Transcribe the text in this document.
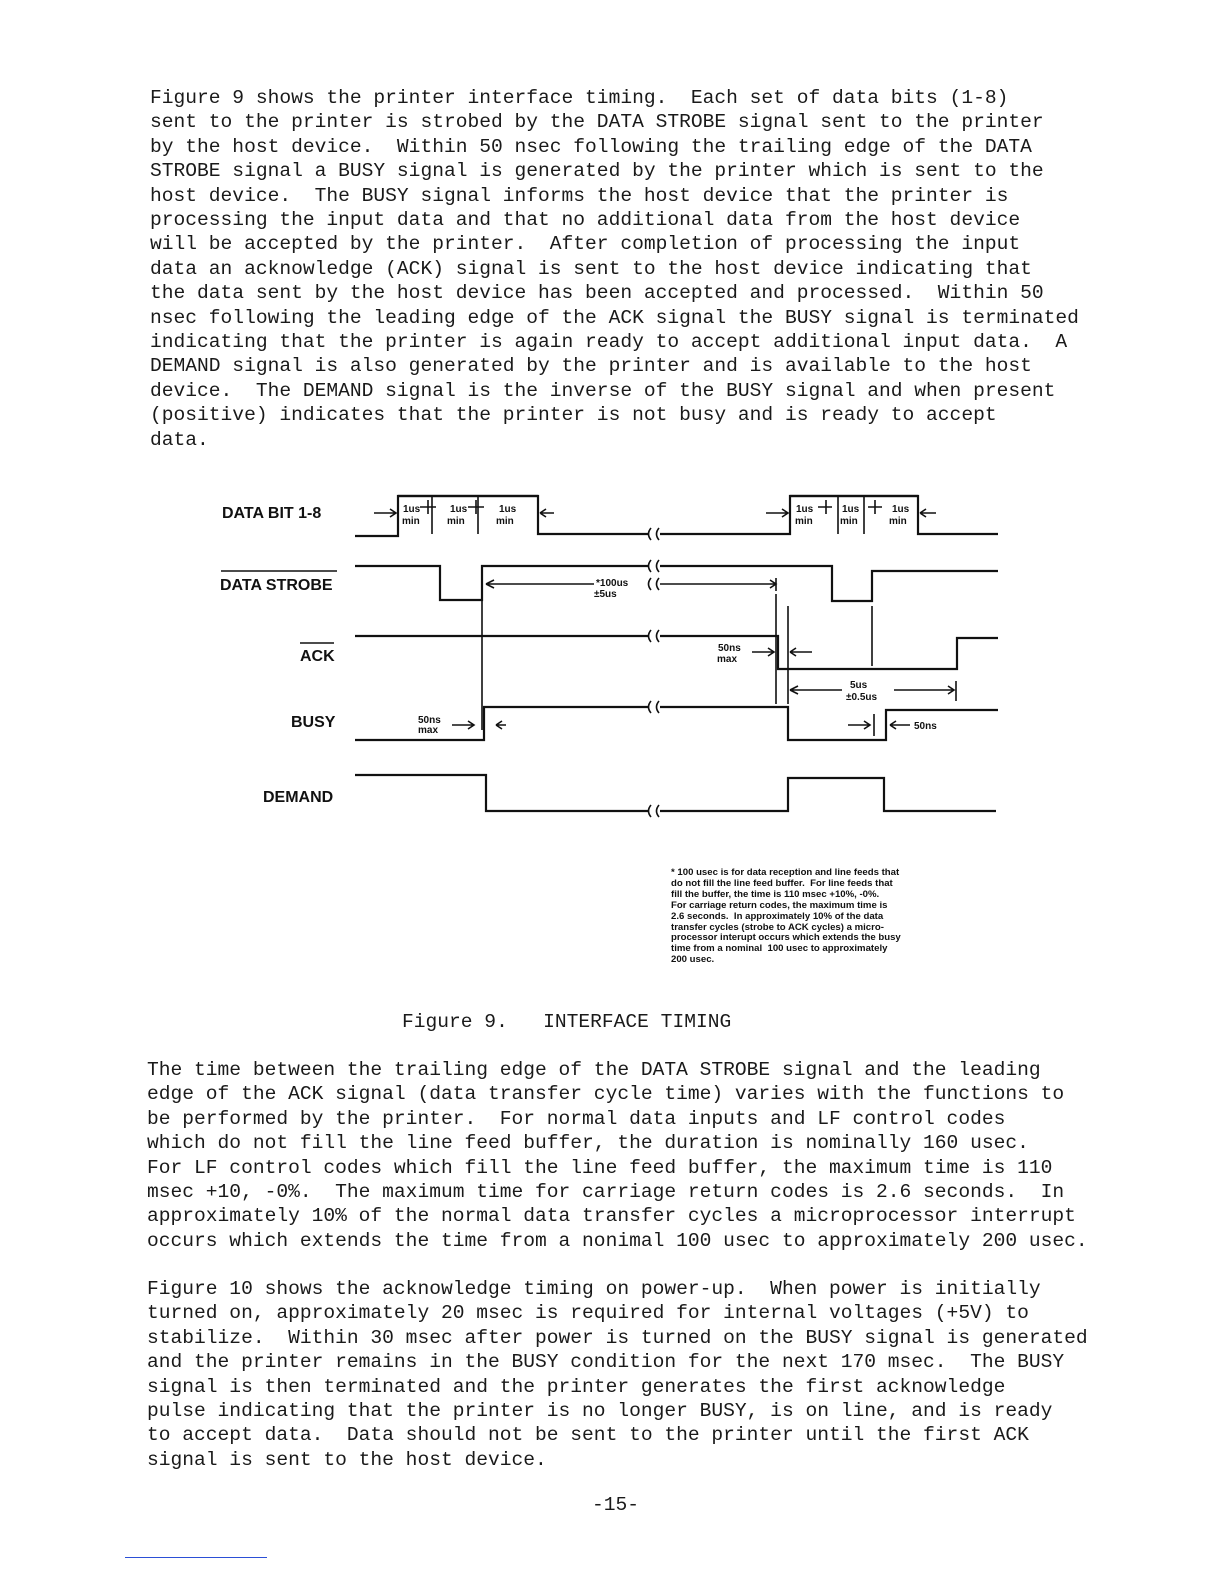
Figure 9 shows the printer interface timing.  Each set of data bits (1-8)
sent to the printer is strobed by the DATA STROBE signal sent to the printer
by the host device.  Within 50 nsec following the trailing edge of the DATA
STROBE signal a BUSY signal is generated by the printer which is sent to the
host device.  The BUSY signal informs the host device that the printer is
processing the input data and that no additional data from the host device
will be accepted by the printer.  After completion of processing the input
data an acknowledge (ACK) signal is sent to the host device indicating that
the data sent by the host device has been accepted and processed.  Within 50
nsec following the leading edge of the ACK signal the BUSY signal is terminated
indicating that the printer is again ready to accept additional input data.  A
DEMAND signal is also generated by the printer and is available to the host
device.  The DEMAND signal is the inverse of the BUSY signal and when present
(positive) indicates that the printer is not busy and is ready to accept
data.
DATA BIT 1-8
DATA STROBE
ACK
BUSY
DEMAND
1us
min
1us
min
1us
min
1us
min
1us
min
1us
min
*100us
±5us
50ns
max
5us
±0.5us
50ns
max	50ns
* 100 usec is for data reception and line feeds that
do not fill the line feed buffer.  For line feeds that
fill the buffer, the time is 110 msec +10%, -0%.
For carriage return codes, the maximum time is
2.6 seconds.  In approximately 10% of the data
transfer cycles (strobe to ACK cycles) a micro-
processor interupt occurs which extends the busy
time from a nominal  100 usec to approximately
200 usec.
Figure 9.   INTERFACE TIMING
The time between the trailing edge of the DATA STROBE signal and the leading
edge of the ACK signal (data transfer cycle time) varies with the functions to
be performed by the printer.  For normal data inputs and LF control codes
which do not fill the line feed buffer, the duration is nominally 160 usec.
For LF control codes which fill the line feed buffer, the maximum time is 110
msec +10, -0%.  The maximum time for carriage return codes is 2.6 seconds.  In
approximately 10% of the normal data transfer cycles a microprocessor interrupt
occurs which extends the time from a nonimal 100 usec to approximately 200 usec.
Figure 10 shows the acknowledge timing on power-up.  When power is initially
turned on, approximately 20 msec is required for internal voltages (+5V) to
stabilize.  Within 30 msec after power is turned on the BUSY signal is generated
and the printer remains in the BUSY condition for the next 170 msec.  The BUSY
signal is then terminated and the printer generates the first acknowledge
pulse indicating that the printer is no longer BUSY, is on line, and is ready
to accept data.  Data should not be sent to the printer until the first ACK
signal is sent to the host device.
-15-
